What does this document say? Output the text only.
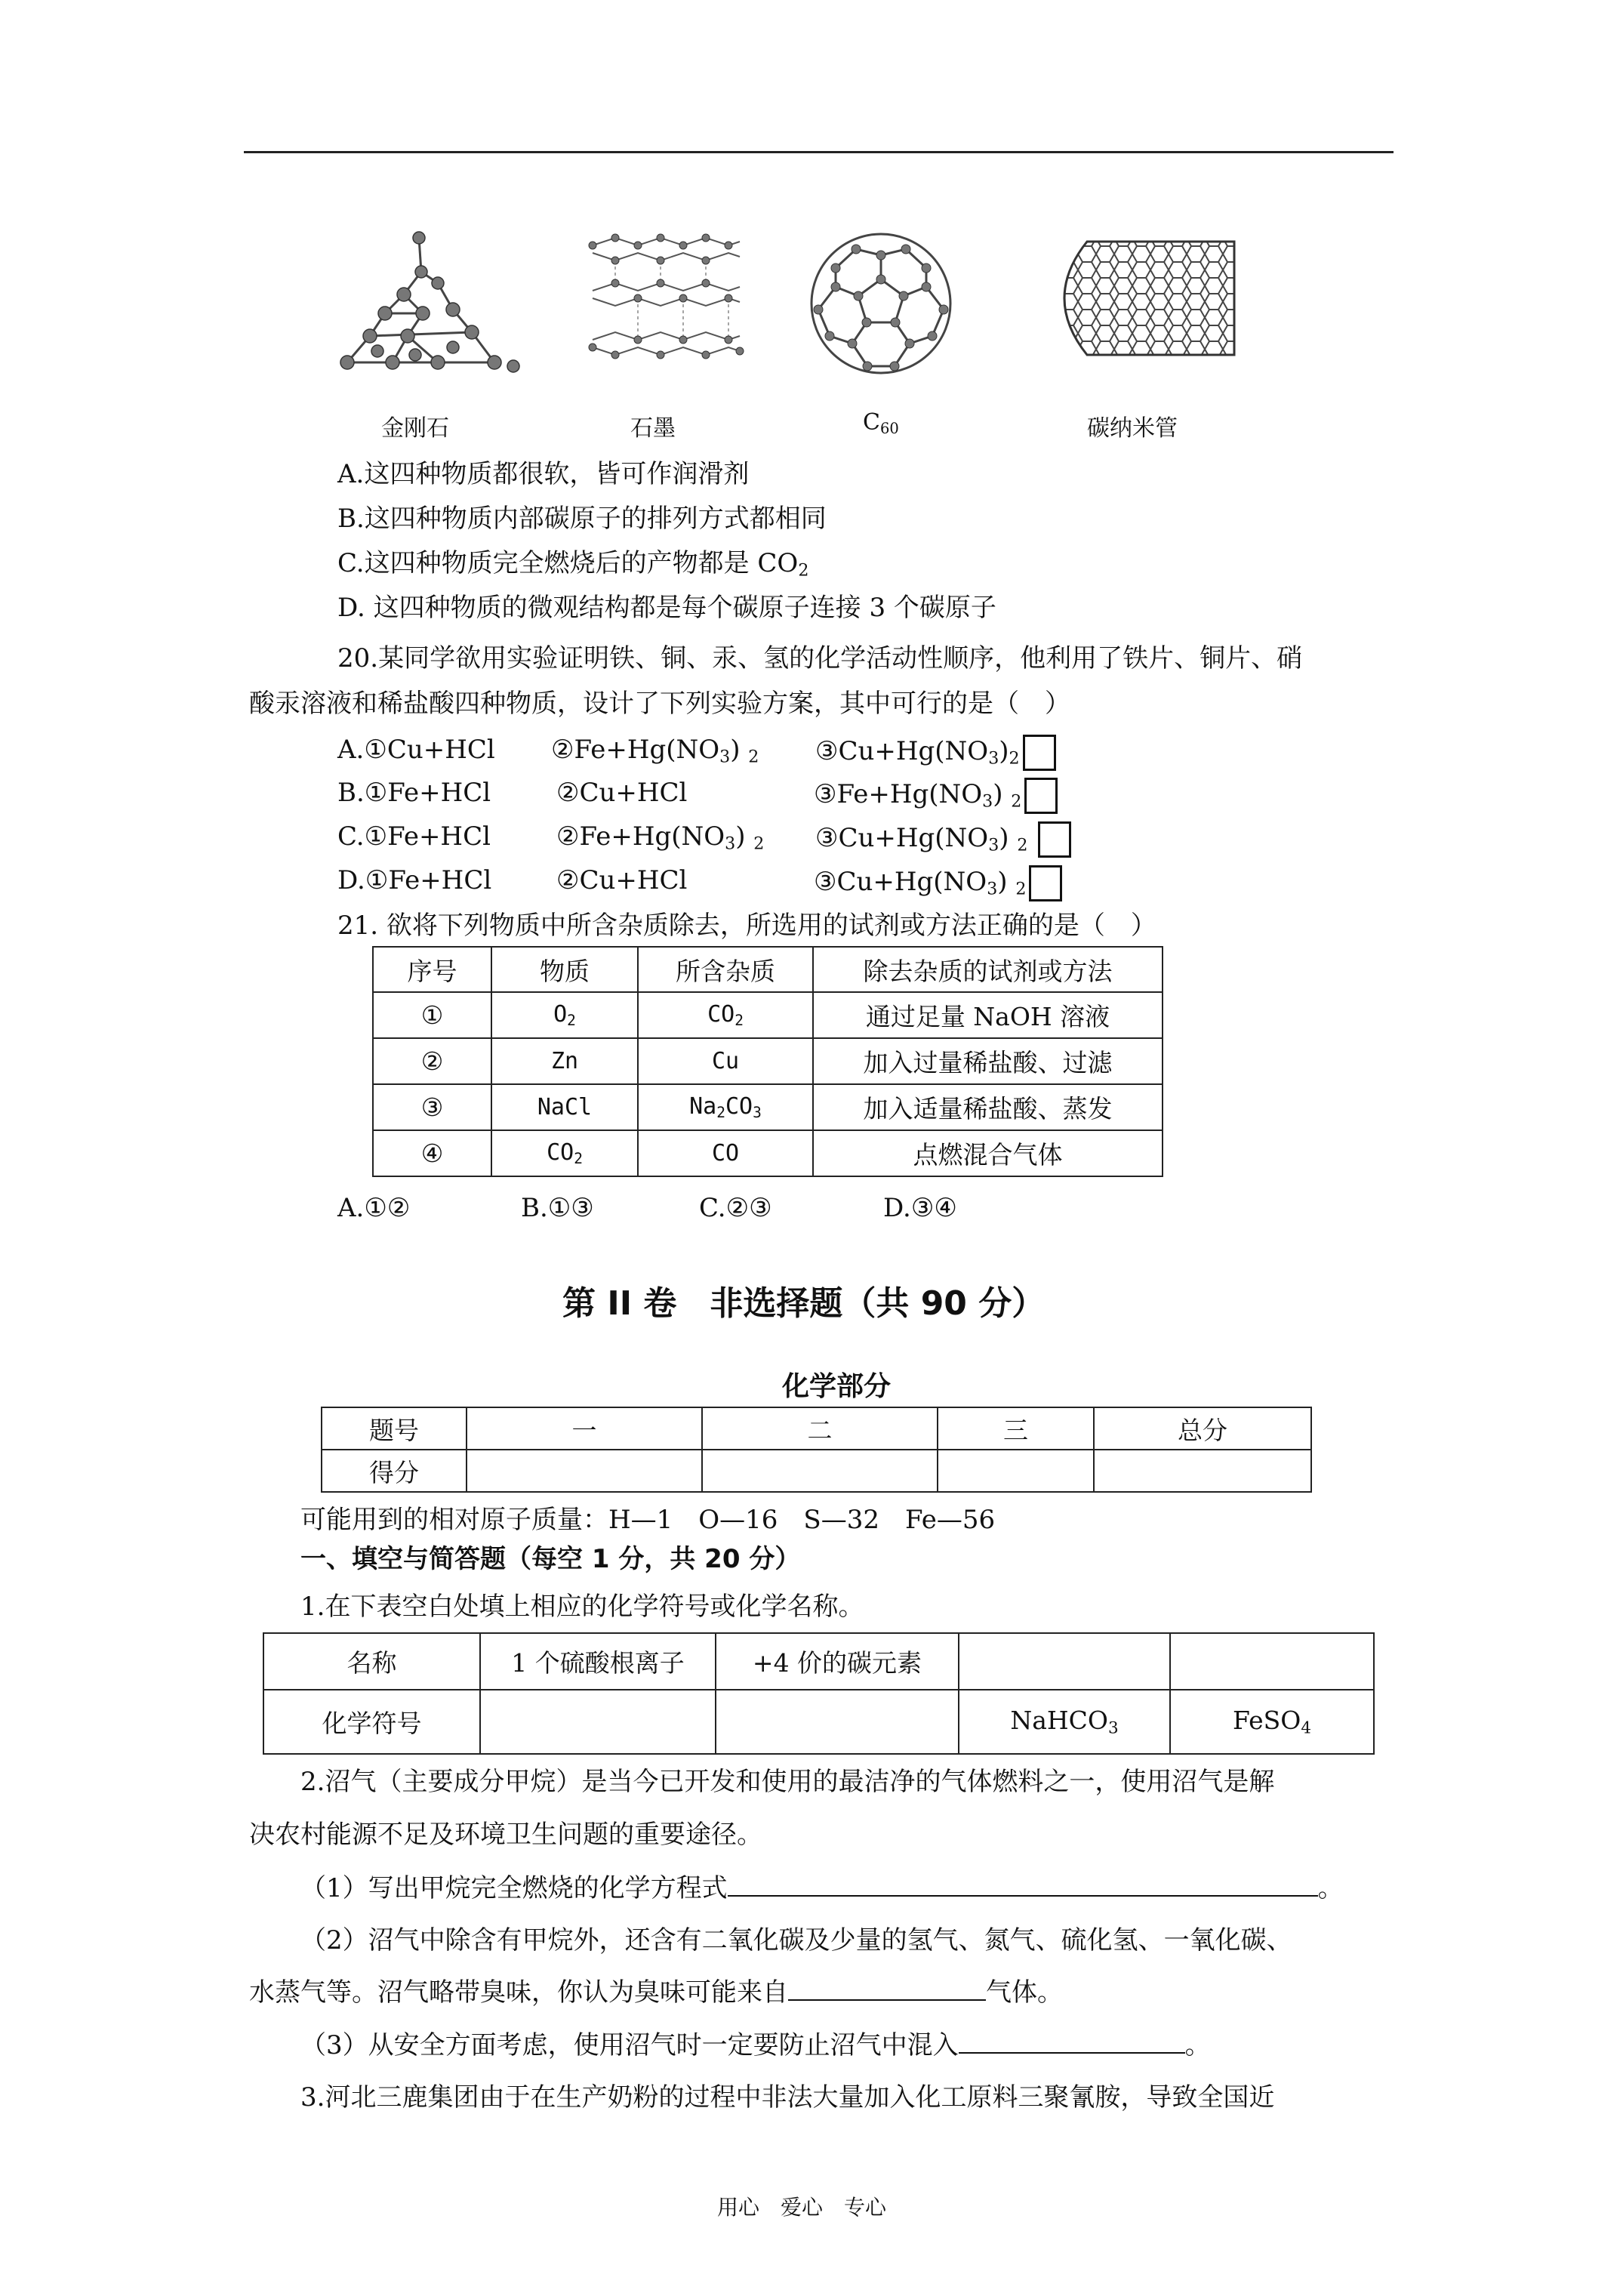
金刚石	石墨	$C_{60}$	碳纳米管
A.这四种物质都很软，皆可作润滑剂
B.这四种物质内部碳原子的排列方式都相同
C.这四种物质完全燃烧后的产物都是 $CO_2$
D. 这四种物质的微观结构都是每个碳原子连接 3 个碳原子
20.某同学欲用实验证明铁、铜、汞、氢的化学活动性顺序，他利用了铁片、铜片、硝
酸汞溶液和稀盐酸四种物质，设计了下列实验方案，其中可行的是（　）
A.①Cu+HCl $②Fe+Hg(NO_3)$ $_2$ $③Cu+Hg(NO_3)_2$
B.①Fe+HCl	②Cu+HCl	$③Fe+Hg(NO_3)$ $_2$
C.①Fe+HCl	$②Fe+Hg(NO_3)$ $_2$ $③Cu+Hg(NO_3)$ $_2$
D.①Fe+HCl	②Cu+HCl	$③Cu+Hg(NO_3)$ $_2$
21. 欲将下列物质中所含杂质除去，所选用的试剂或方法正确的是（　）
序号	物质	所含杂质	除去杂质的试剂或方法
①	$O_2$	$CO_2$	通过足量 NaOH 溶液
②	Zn	Cu	加入过量稀盐酸、过滤
③	NaCl	$Na_2CO_3$	加入适量稀盐酸、蒸发
④	$CO_2$	CO	点燃混合气体
A.①②	B.①③	C.②③	D.③④
第 II 卷　非选择题（共 90 分）
化学部分
题号	一	二	三	总分
得分				
可能用到的相对原子质量：H—1　O—16　S—32　Fe—56
一、填空与简答题（每空 1 分，共 20 分）
1.在下表空白处填上相应的化学符号或化学名称。
名称	1 个硫酸根离子	+4 价的碳元素		
化学符号			NaHCO$_3$	FeSO$_4$
2.沼气（主要成分甲烷）是当今已开发和使用的最洁净的气体燃料之一，使用沼气是解
决农村能源不足及环境卫生问题的重要途径。
（1）写出甲烷完全燃烧的化学方程式	。
（2）沼气中除含有甲烷外，还含有二氧化碳及少量的氢气、氮气、硫化氢、一氧化碳、
水蒸气等。沼气略带臭味，你认为臭味可能来自	气体。
（3）从安全方面考虑，使用沼气时一定要防止沼气中混入	。
3.河北三鹿集团由于在生产奶粉的过程中非法大量加入化工原料三聚氰胺，导致全国近
用心　爱心　专心
